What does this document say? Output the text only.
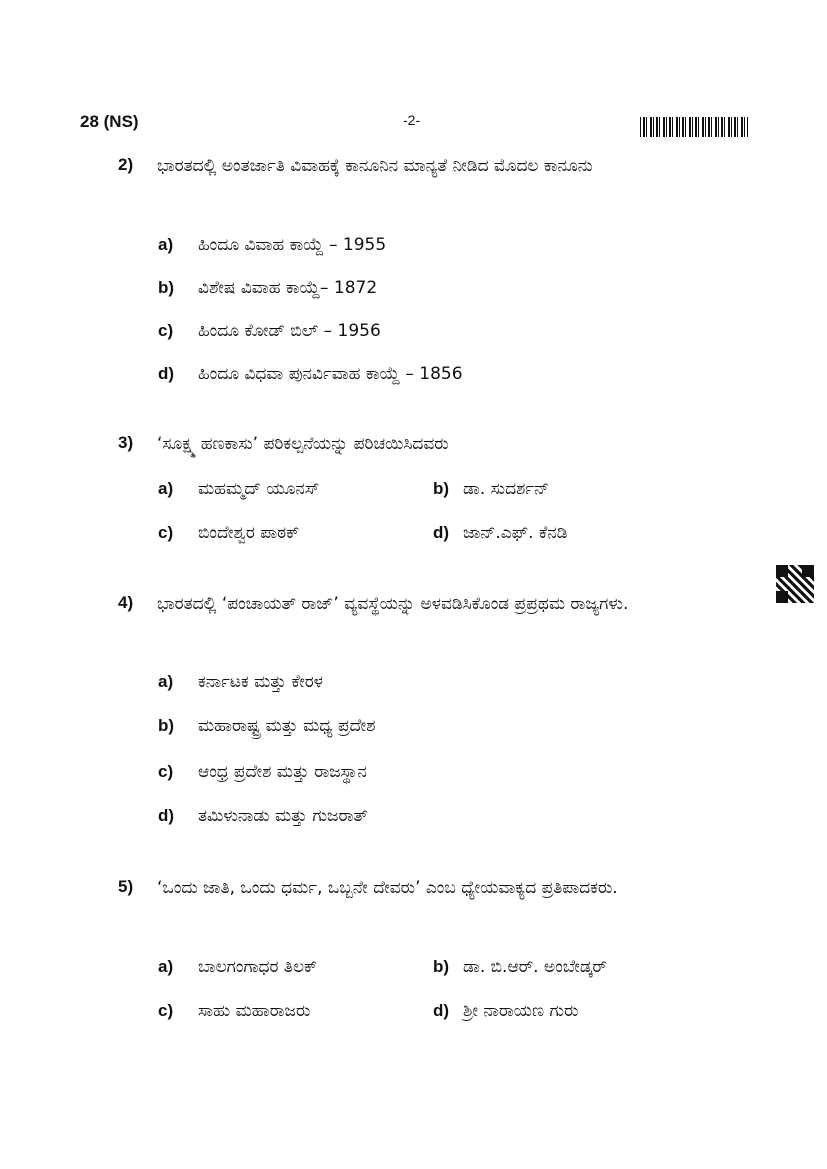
28 (NS)	-2-
2) ಭಾರತದಲ್ಲಿ ಅಂತರ್ಜಾತಿ ವಿವಾಹಕ್ಕೆ ಕಾನೂನಿನ ಮಾನ್ಯತೆ ನೀಡಿದ ಮೊದಲ ಕಾನೂನು
a) ಹಿಂದೂ ವಿವಾಹ ಕಾಯ್ದೆ – 1955
b) ವಿಶೇಷ ವಿವಾಹ ಕಾಯ್ದೆ– 1872
c) ಹಿಂದೂ ಕೋಡ್ ಬಿಲ್ – 1956
d) ಹಿಂದೂ ವಿಧವಾ ಪುನರ್ವಿವಾಹ ಕಾಯ್ದೆ – 1856
3) ‘ಸೂಕ್ಷ್ಮ ಹಣಕಾಸು’ ಪರಿಕಲ್ಪನೆಯನ್ನು ಪರಿಚಯಿಸಿದವರು
a) ಮಹಮ್ಮದ್ ಯೂನಸ್	b) ಡಾ. ಸುದರ್ಶನ್
c) ಬಿಂದೇಶ್ವರ ಪಾಠಕ್	d) ಜಾನ್.ಎಫ್. ಕೆನಡಿ
4) ಭಾರತದಲ್ಲಿ ‘ಪಂಚಾಯತ್ ರಾಜ್’ ವ್ಯವಸ್ಥೆಯನ್ನು ಅಳವಡಿಸಿಕೊಂಡ ಪ್ರಪ್ರಥಮ ರಾಜ್ಯಗಳು.
a) ಕರ್ನಾಟಕ ಮತ್ತು ಕೇರಳ
b) ಮಹಾರಾಷ್ಟ್ರ ಮತ್ತು ಮಧ್ಯ ಪ್ರದೇಶ
c) ಆಂಧ್ರ ಪ್ರದೇಶ ಮತ್ತು ರಾಜಸ್ಥಾನ
d) ತಮಿಳುನಾಡು ಮತ್ತು ಗುಜರಾತ್
5) ‘ಒಂದು ಜಾತಿ, ಒಂದು ಧರ್ಮ, ಒಬ್ಬನೇ ದೇವರು’ ಎಂಬ ಧ್ಯೇಯವಾಕ್ಯದ ಪ್ರತಿಪಾದಕರು.
a) ಬಾಲಗಂಗಾಧರ ತಿಲಕ್	b) ಡಾ. ಬಿ.ಆರ್. ಅಂಬೇಡ್ಕರ್
c) ಸಾಹು ಮಹಾರಾಜರು	d) ಶ್ರೀ ನಾರಾಯಣ ಗುರು
